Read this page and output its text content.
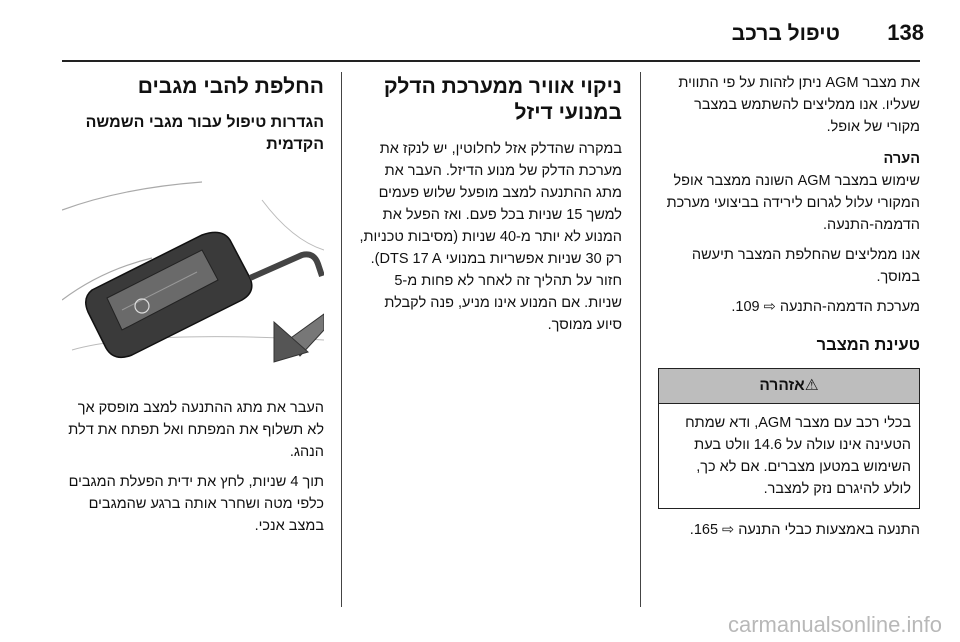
138
טיפול ברכב

את מצבר AGM ניתן לזהות על פי התווית שעליו. אנו ממליצים להשתמש במצבר מקורי של אופל.

הערה

שימוש במצבר AGM השונה ממצבר אופל המקורי עלול לגרום לירידה בביצועי מערכת הדממה-התנעה.

אנו ממליצים שהחלפת המצבר תיעשה במוסך.

מערכת הדממה-התנעה ⇨ 109.

טעינת המצבר
⚠אזהרה
בכלי רכב עם מצבר AGM, ודא שמתח הטעינה אינו עולה על 14.6 וולט בעת השימוש במטען מצברים. אם לא כך, לולע להיגרם נזק למצבר.

התנעה באמצעות כבלי התנעה ⇨ 165.

ניקוי אוויר ממערכת הדלק במנועי דיזל

במקרה שהדלק אזל לחלוטין, יש לנקז את מערכת הדלק של מנוע הדיזל. העבר את מתג ההתנעה למצב מופעל שלוש פעמים למשך 15 שניות בכל פעם. ואז הפעל את המנוע לא יותר מ-40 שניות (מסיבות טכניות, רק 30 שניות אפשריות במנועי DTS 17 A). חזור על תהליך זה לאחר לא פחות מ-5 שניות. אם המנוע אינו מניע, פנה לקבלת סיוע ממוסך.

החלפת להבי מגבים
הגדרות טיפול עבור מגבי השמשה הקדמית

העבר את מתג ההתנעה למצב מופסק אך לא תשלוף את המפתח ואל תפתח את דלת הנהג.

תוך 4 שניות, לחץ את ידית הפעלת המגבים כלפי מטה ושחרר אותה ברגע שהמגבים במצב אנכי.

carmanualsonline.info
